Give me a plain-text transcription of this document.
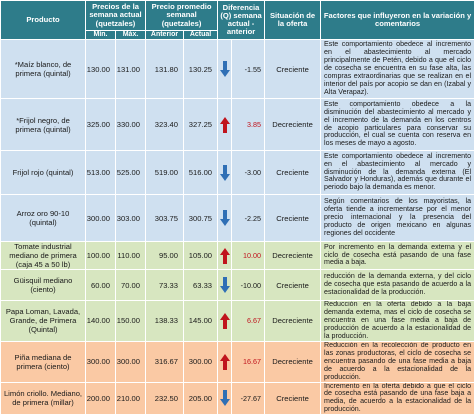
Producto	Precios de la semana actual (quetzales)		Precio promedio semanal (quetzales)		Diferencia (Q) semana actual - anterior		Situación de la oferta	Factores que influyeron en la variación y comentarios
	Mín.	Máx.	Anterior	Actual				
*Maíz blanco, de primera (quintal)	130.00	131.00	131.80	130.25		-1.55	Creciente	Este comportamiento obedece al incremento en el abastecimiento al mercado principalmente de Petén, debido a que el ciclo de cosecha se encuentra en su fase alta, las compras extraordinarias que se realizan en el interior del país por acopio se dan en (Izabal y Alta Verapaz).

*Frijol negro, de primera (quintal)	325.00	330.00	323.40	327.25		3.85	Decreciente	Este comportamiento obedece a la disminución del abastecimiento al mercado y el incremento de la demanda en los centros de acopio particulares para conservar su producción, el cual se cuenta con reserva en los meses de mayo a agosto.

Frijol rojo (quintal)	513.00	525.00	519.00	516.00		-3.00	Creciente	Este comportamiento obedece al incremento en el abastecimiento al mercado y disminución de la demanda externa (El Salvador y Honduras), además que durante el periodo bajo la demanda es menor.

Arroz oro 90-10 (quintal)	300.00	303.00	303.75	300.75		-2.25	Creciente	Según comentarios de los mayoristas, la oferta tiende a incrementarse por el menor precio internacional y la presencia del producto de origen mexicano en algunas regiones del occidente

Tomate industrial mediano de primera (caja 45 a 50 lb)	100.00	110.00	95.00	105.00		10.00	Decreciente	Por incremento en la demanda externa y el ciclo de cosecha está pasando de una fase media a baja.

Güisquil mediano (ciento)	60.00	70.00	73.33	63.33		-10.00	Creciente	reducción de la demanda externa, y del ciclo de cosecha que esta pasando de acuerdo a la estacionalidad de la producción.

Papa Loman, Lavada, Grande, de Primera (Quintal)	140.00	150.00	138.33	145.00		6.67	Decreciente	Reducción en la oferta debido a la baja demanda externa, mas el ciclo de cosecha se encuentra en una fase media a baja de producción de acuerdo a la estacionalidad de la producción.

Piña mediana de primera (ciento)	300.00	300.00	316.67	300.00		16.67	Decreciente	Reducción en la recolección de producto en las zonas productoras, el ciclo de cosecha se encuentra pasando de una fase media a baja de acuerdo a la estacionalidad de la producción.

Limón criollo. Mediano, de primera (millar)	200.00	210.00	232.50	205.00		-27.67	Creciente	Incremento en la oferta debido a que el ciclo de cosecha está pasando de una fase baja a media, de acuerdo a la estacionalidad de la producción.
